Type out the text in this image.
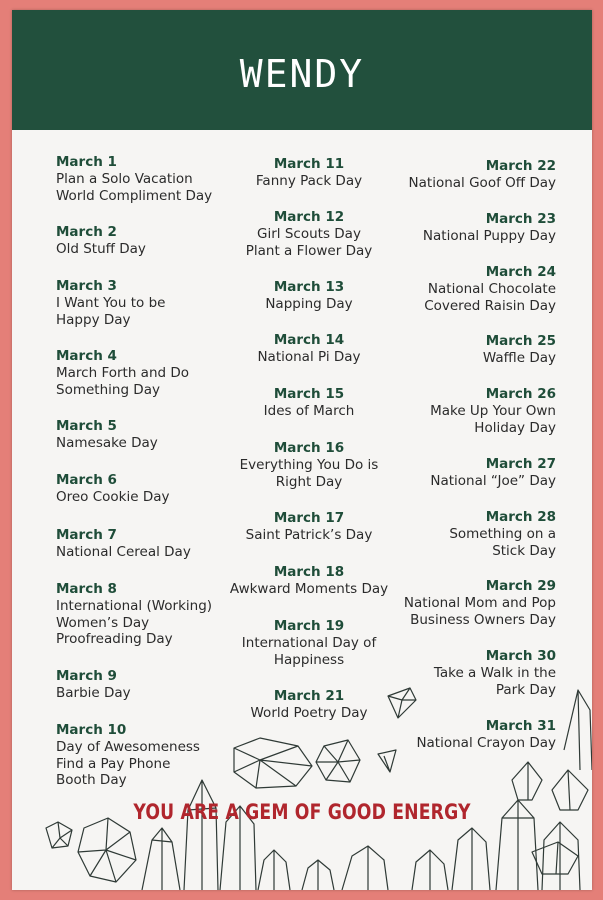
WENDY
March 1
Plan a Solo Vacation
World Compliment Day
March 2
Old Stuff Day
March 3
I Want You to be
Happy Day
March 4
March Forth and Do
Something Day
March 5
Namesake Day
March 6
Oreo Cookie Day
March 7
National Cereal Day
March 8
International (Working)
Women’s Day
Proofreading Day
March 9
Barbie Day
March 10
Day of Awesomeness
Find a Pay Phone
Booth Day
March 11
Fanny Pack Day
March 12
Girl Scouts Day
Plant a Flower Day
March 13
Napping Day
March 14
National Pi Day
March 15
Ides of March
March 16
Everything You Do is
Right Day
March 17
Saint Patrick’s Day
March 18
Awkward Moments Day
March 19
International Day of
Happiness
March 21
World Poetry Day
March 22
National Goof Off Day
March 23
National Puppy Day
March 24
National Chocolate
Covered Raisin Day
March 25
Waffle Day
March 26
Make Up Your Own
Holiday Day
March 27
National “Joe” Day
March 28
Something on a
Stick Day
March 29
National Mom and Pop
Business Owners Day
March 30
Take a Walk in the
Park Day
March 31
National Crayon Day
YOU ARE A GEM OF GOOD ENERGY
